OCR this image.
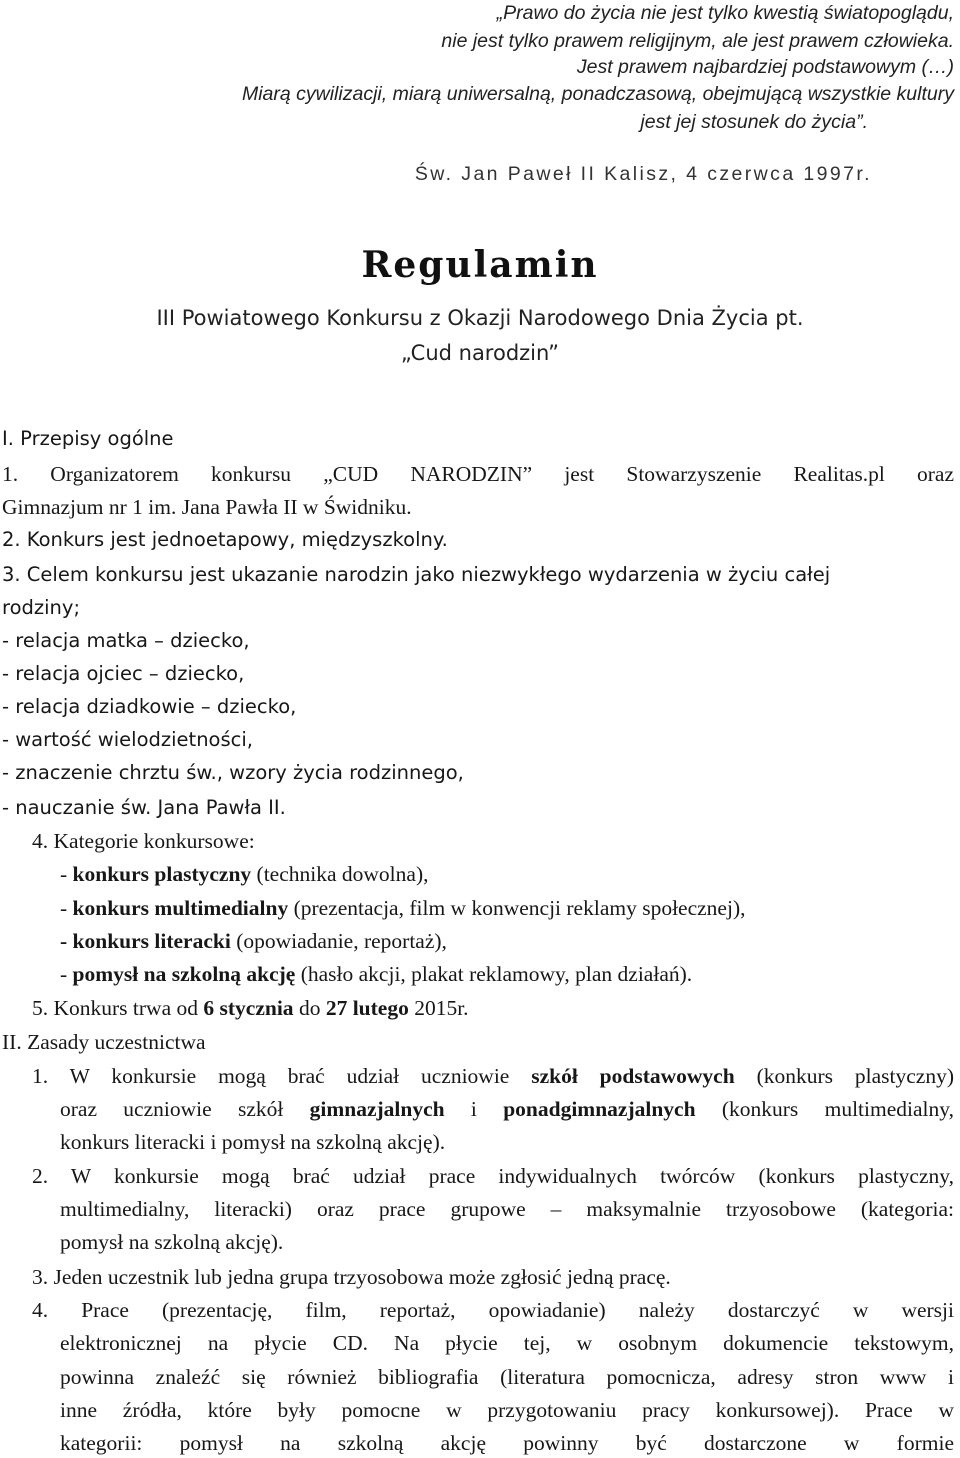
„Prawo do życia nie jest tylko kwestią światopoglądu,
nie jest tylko prawem religijnym, ale jest prawem człowieka.
Jest prawem najbardziej podstawowym (…)
Miarą cywilizacji, miarą uniwersalną, ponadczasową, obejmującą wszystkie kultury
jest jej stosunek do życia”.
Św. Jan Paweł II Kalisz, 4 czerwca 1997r.
Regulamin
III Powiatowego Konkursu z Okazji Narodowego Dnia Życia pt.
„Cud narodzin”
I. Przepisy ogólne
1. Organizatorem konkursu „CUD NARODZIN” jest Stowarzyszenie Realitas.pl oraz
Gimnazjum nr 1 im. Jana Pawła II w Świdniku.
2. Konkurs jest jednoetapowy, międzyszkolny.
3. Celem konkursu jest ukazanie narodzin jako niezwykłego wydarzenia w życiu całej
rodziny;
- relacja matka – dziecko,
- relacja ojciec – dziecko,
- relacja dziadkowie – dziecko,
- wartość wielodzietności,
- znaczenie chrztu św., wzory życia rodzinnego,
- nauczanie św. Jana Pawła II.
4. Kategorie konkursowe:
- konkurs plastyczny (technika dowolna),
- konkurs multimedialny (prezentacja, film w konwencji reklamy społecznej),
- konkurs literacki (opowiadanie, reportaż),
- pomysł na szkolną akcję (hasło akcji, plakat reklamowy, plan działań).
5. Konkurs trwa od 6 stycznia do 27 lutego 2015r.
II. Zasady uczestnictwa
1. W konkursie mogą brać udział uczniowie szkół podstawowych (konkurs plastyczny)
oraz uczniowie szkół gimnazjalnych i ponadgimnazjalnych (konkurs multimedialny,
konkurs literacki i pomysł na szkolną akcję).
2. W konkursie mogą brać udział prace indywidualnych twórców (konkurs plastyczny,
multimedialny, literacki) oraz prace grupowe – maksymalnie trzyosobowe (kategoria:
pomysł na szkolną akcję).
3. Jeden uczestnik lub jedna grupa trzyosobowa może zgłosić jedną pracę.
4. Prace (prezentację, film, reportaż, opowiadanie) należy dostarczyć w wersji
elektronicznej na płycie CD. Na płycie tej, w osobnym dokumencie tekstowym,
powinna znaleźć się również bibliografia (literatura pomocnicza, adresy stron www i
inne źródła, które były pomocne w przygotowaniu pracy konkursowej). Prace w
kategorii: pomysł na szkolną akcję powinny być dostarczone w formie
